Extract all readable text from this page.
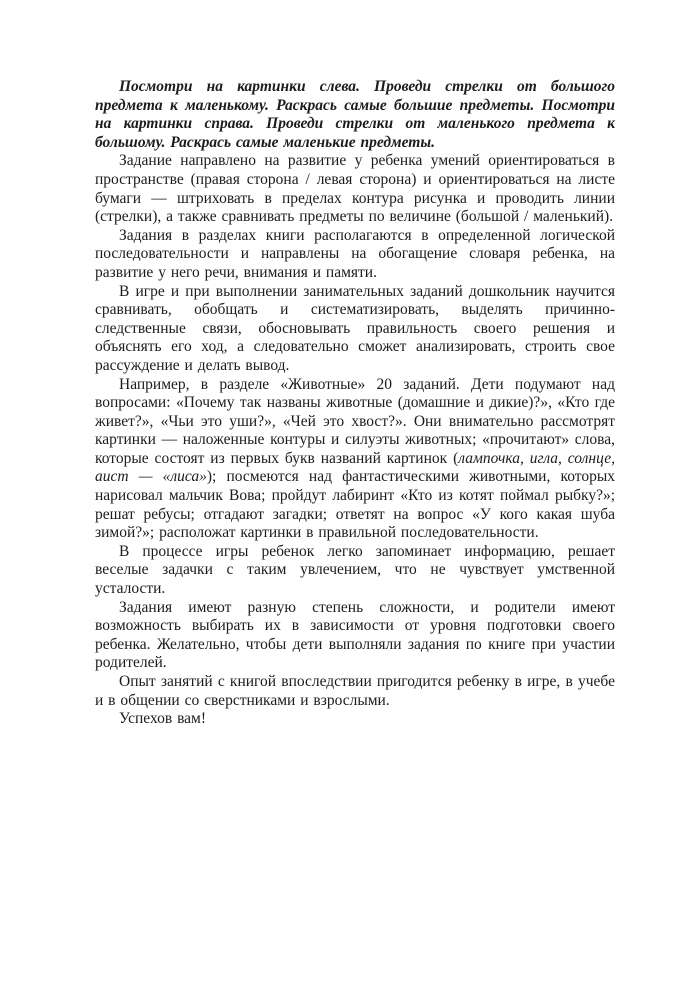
Посмотри на картинки слева. Проведи стрелки от большого предмета к маленькому. Раскрась самые большие предметы. Посмотри на картинки справа. Проведи стрелки от маленького предмета к большому. Раскрась самые маленькие предметы.

Задание направлено на развитие у ребенка умений ориентироваться в пространстве (правая сторона / левая сторона) и ориентироваться на листе бумаги — штриховать в пределах контура рисунка и проводить линии (стрелки), а также сравнивать предметы по величине (большой / маленький).

Задания в разделах книги располагаются в определенной логической последовательности и направлены на обогащение словаря ребенка, на развитие у него речи, внимания и памяти.

В игре и при выполнении занимательных заданий дошкольник научится сравнивать, обобщать и систематизировать, выделять причинно-следственные связи, обосновывать правильность своего решения и объяснять его ход, а следовательно сможет анализировать, строить свое рассуждение и делать вывод.

Например, в разделе «Животные» 20 заданий. Дети подумают над вопросами: «Почему так названы животные (домашние и дикие)?», «Кто где живет?», «Чьи это уши?», «Чей это хвост?». Они внимательно рассмотрят картинки — наложенные контуры и силуэты животных; «прочитают» слова, которые состоят из первых букв названий картинок (лампочка, игла, солнце, аист — «лиса»); посмеются над фантастическими животными, которых нарисовал мальчик Вова; пройдут лабиринт «Кто из котят поймал рыбку?»; решат ребусы; отгадают загадки; ответят на вопрос «У кого какая шуба зимой?»; расположат картинки в правильной последовательности.

В процессе игры ребенок легко запоминает информацию, решает веселые задачки с таким увлечением, что не чувствует умственной усталости.

Задания имеют разную степень сложности, и родители имеют возможность выбирать их в зависимости от уровня подготовки своего ребенка. Желательно, чтобы дети выполняли задания по книге при участии родителей.

Опыт занятий с книгой впоследствии пригодится ребенку в игре, в учебе и в общении со сверстниками и взрослыми.

Успехов вам!
